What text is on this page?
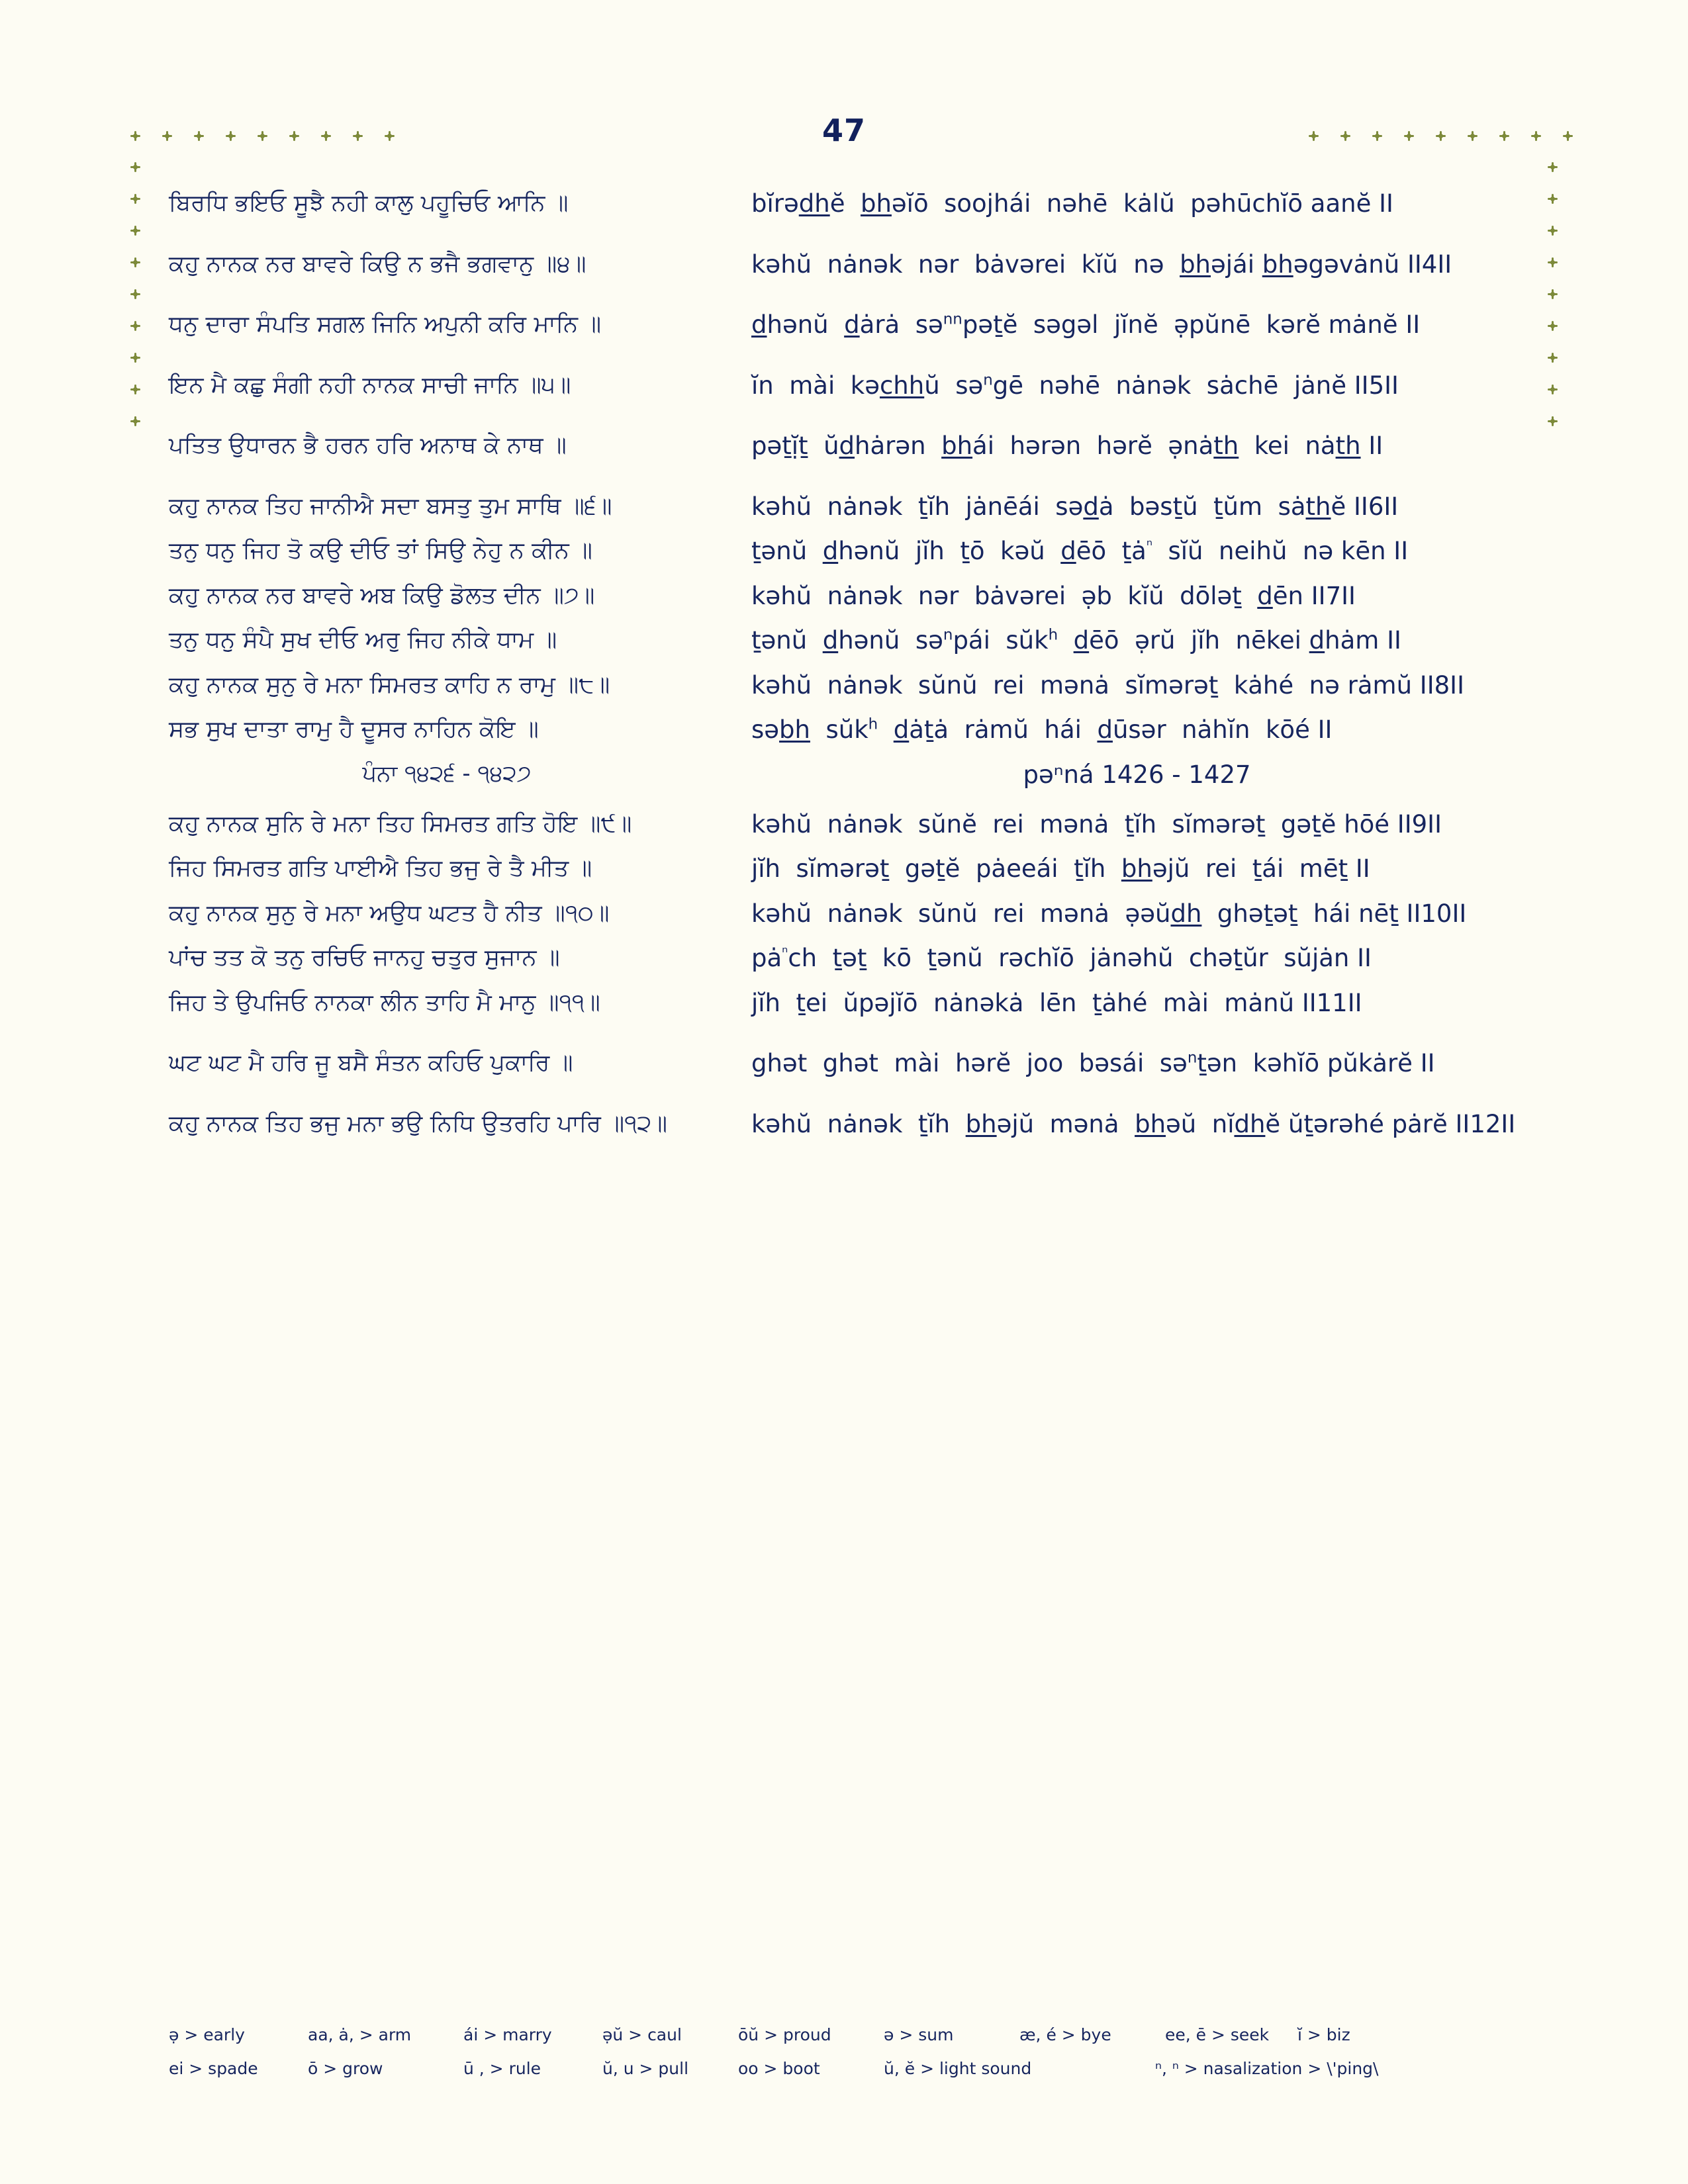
47
ਬਿਰਧਿ ਭਇਓ ਸੂਝੈ ਨਹੀ ਕਾਲੁ ਪਹੂਚਿਓ ਆਨਿ ॥	bĭrədhĕ  bhəĭō  soojhái  nəhē  kȧlŭ  pəhūchĭō aanĕ II
ਕਹੁ ਨਾਨਕ ਨਰ ਬਾਵਰੇ ਕਿਉ ਨ ਭਜੈ ਭਗਵਾਨੁ ॥੪॥	kəhŭ  nȧnək  nər  bȧvərei  kĭŭ  nə  bhəjái bhəgəvȧnŭ II4II
ਧਨੁ ਦਾਰਾ ਸੰਪਤਿ ਸਗਲ ਜਿਨਿ ਅਪੁਨੀ ਕਰਿ ਮਾਨਿ ॥	dhənŭ  dȧrȧ  sə$^{nn}$pəṯĕ  səgəl  jĭnĕ  ə̣pŭnē  kərĕ mȧnĕ II
ਇਨ ਮੈ ਕਛੁ ਸੰਗੀ ਨਹੀ ਨਾਨਕ ਸਾਚੀ ਜਾਨਿ ॥੫॥	ĭn  mài  kəchhŭ  sə$^n$gē  nəhē  nȧnək  sȧchē  jȧnĕ II5II
ਪਤਿਤ ਉਧਾਰਨ ਭੈ ਹਰਨ ਹਰਿ ਅਨਾਥ ਕੇ ਨਾਥ ॥	pəṯị̆ṯ  ŭdhȧrən  bhái  hərən  hərĕ  ə̣nȧth  kei  nȧth II
ਕਹੁ ਨਾਨਕ ਤਿਹ ਜਾਨੀਐ ਸਦਾ ਬਸਤੁ ਤੁਮ ਸਾਥਿ ॥੬॥	kəhŭ  nȧnək  ṯĭh  jȧnēái  sədȧ  bəsṯŭ  ṯŭm  sȧthĕ II6II
ਤਨੁ ਧਨੁ ਜਿਹ ਤੋ ਕਉ ਦੀਓ ਤਾਂ ਸਿਉ ਨੇਹੁ ਨ ਕੀਨ ॥	ṯənŭ  dhənŭ  jĭh  ṯō  kəŭ  dēō  ṯȧ$^{^n}$  sĭŭ  neihŭ  nə kēn II
ਕਹੁ ਨਾਨਕ ਨਰ ਬਾਵਰੇ ਅਬ ਕਿਉ ਡੋਲਤ ਦੀਨ ॥੭॥	kəhŭ  nȧnək  nər  bȧvərei  ə̣b  kĭŭ  dōləṯ  dēn II7II
ਤਨੁ ਧਨੁ ਸੰਪੈ ਸੁਖ ਦੀਓ ਅਰੁ ਜਿਹ ਨੀਕੇ ਧਾਮ ॥	ṯənŭ  dhənŭ  sə$^n$pái  sŭk$^h$ dēō  ə̣rŭ  jĭh  nēkei dhȧm II
ਕਹੁ ਨਾਨਕ ਸੁਨੁ ਰੇ ਮਨਾ ਸਿਮਰਤ ਕਾਹਿ ਨ ਰਾਮੁ ॥੮॥	kəhŭ  nȧnək  sŭnŭ  rei  mənȧ  sĭmərəṯ  kȧhé  nə rȧmŭ II8II
ਸਭ ਸੁਖ ਦਾਤਾ ਰਾਮੁ ਹੈ ਦੂਸਰ ਨਾਹਿਨ ਕੋਇ ॥	səbh  sŭk$^h$ dȧṯȧ  rȧmŭ  hái  dūsər  nȧhĭn  kōé II
ਪੰਨਾ ੧੪੨੬ - ੧੪੨੭	pəⁿná 1426 - 1427
ਕਹੁ ਨਾਨਕ ਸੁਨਿ ਰੇ ਮਨਾ ਤਿਹ ਸਿਮਰਤ ਗਤਿ ਹੋਇ ॥੯॥	kəhŭ  nȧnək  sŭnĕ  rei  mənȧ  ṯĭh  sĭmərəṯ  gəṯĕ hōé II9II
ਜਿਹ ਸਿਮਰਤ ਗਤਿ ਪਾਈਐ ਤਿਹ ਭਜੁ ਰੇ ਤੈ ਮੀਤ ॥	jĭh  sĭmərəṯ  gəṯĕ  pȧeeái  ṯĭh  bhəjŭ  rei  ṯái  mēṯ II
ਕਹੁ ਨਾਨਕ ਸੁਨੁ ਰੇ ਮਨਾ ਅਉਧ ਘਟਤ ਹੈ ਨੀਤ ॥੧੦॥	kəhŭ  nȧnək  sŭnŭ  rei  mənȧ  ə̣əŭdh  ghəṯəṯ  hái nēṯ II10II
ਪਾਂਚ ਤਤ ਕੋ ਤਨੁ ਰਚਿਓ ਜਾਨਹੁ ਚਤੁਰ ਸੁਜਾਨ ॥	$pȧ^{^n}ch$  ṯəṯ  kō  ṯənŭ  rəchĭō  jȧnəhŭ  chəṯŭr  sŭjȧn II
ਜਿਹ ਤੇ ਉਪਜਿਓ ਨਾਨਕਾ ਲੀਨ ਤਾਹਿ ਮੈ ਮਾਨੁ ॥੧੧॥	jĭh  ṯei  ŭpəjĭō  nȧnəkȧ  lēn  ṯȧhé  mài  mȧnŭ II11II
ਘਟ ਘਟ ਮੈ ਹਰਿ ਜੂ ਬਸੈ ਸੰਤਨ ਕਹਿਓ ਪੁਕਾਰਿ ॥	ghət  ghət  mài  hərĕ  joo  bəsái  sə$^n$ṯən  kəhĭō pŭkȧrĕ II
ਕਹੁ ਨਾਨਕ ਤਿਹ ਭਜੁ ਮਨਾ ਭਉ ਨਿਧਿ ਉਤਰਹਿ ਪਾਰਿ ॥੧੨॥	kəhŭ  nȧnək  ṯĭh  bhəjŭ  mənȧ  bhəŭ  nĭdhĕ ŭṯərəhé pȧrĕ II12II
ə̣ > early	aa, ȧ, > arm	ái > marry	ə̣ŭ > caul	ōŭ > proud	ə > sum	æ, é > bye	ee, ē > seek	ĭ > biz
ei > spade	ō > grow	ū , > rule	ŭ, u > pull	oo > boot	ŭ, ĕ > light sound	ⁿ, ⁿ > nasalization > \'ping\
